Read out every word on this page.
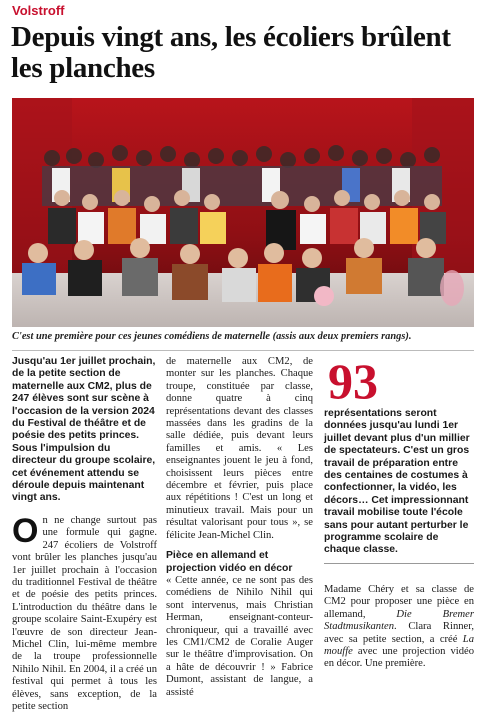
Volstroff
Depuis vingt ans, les écoliers brûlent les planches
C'est une première pour ces jeunes comédiens de maternelle (assis aux deux premiers rangs).

Jusqu'au 1er juillet prochain, de la petite section de maternelle aux CM2, plus de 247 élèves sont sur scène à l'occasion de la version 2024 du Festival de théâtre et de poésie des petits princes. Sous l'impulsion du directeur du groupe scolaire, cet événement attendu se déroule depuis maintenant vingt ans.

On ne change surtout pas une formule qui gagne. 247 écoliers de Volstroff vont brûler les planches jusqu'au 1er juillet prochain à l'occasion du traditionnel Festival de théâtre et de poésie des petits princes. L'introduction du théâtre dans le groupe scolaire Saint-Exupéry est l'œuvre de son directeur Jean-Michel Clin, lui-même membre de la troupe professionnelle Nihilo Nihil. En 2004, il a créé un festival qui permet à tous les élèves, sans exception, de la petite section

de maternelle aux CM2, de monter sur les planches. Chaque troupe, constituée par classe, donne quatre à cinq représentations devant des classes massées dans les gradins de la salle dédiée, puis devant leurs familles et amis. « Les enseignantes jouent le jeu à fond, choisissent leurs pièces entre décembre et février, puis place aux répétitions ! C'est un long et minutieux travail. Mais pour un résultat valorisant pour tous », se félicite Jean-Michel Clin.

Pièce en allemand et projection vidéo en décor

« Cette année, ce ne sont pas des comédiens de Nihilo Nihil qui sont intervenus, mais Christian Herman, enseignant-conteur-chroniqueur, qui a travaillé avec les CM1/CM2 de Coralie Auger sur le théâtre d'improvisation. On a hâte de découvrir ! » Fabrice Dumont, assistant de langue, a assisté

93

représentations seront données jusqu'au lundi 1er juillet devant plus d'un millier de spectateurs. C'est un gros travail de préparation entre des centaines de costumes à confectionner, la vidéo, les décors… Cet impressionnant travail mobilise toute l'école sans pour autant perturber le programme scolaire de chaque classe.

Madame Chéry et sa classe de CM2 pour proposer une pièce en allemand, Die Bremer Stadtmusikanten. Clara Rinner, avec sa petite section, a créé La mouffe avec une projection vidéo en décor. Une première.
